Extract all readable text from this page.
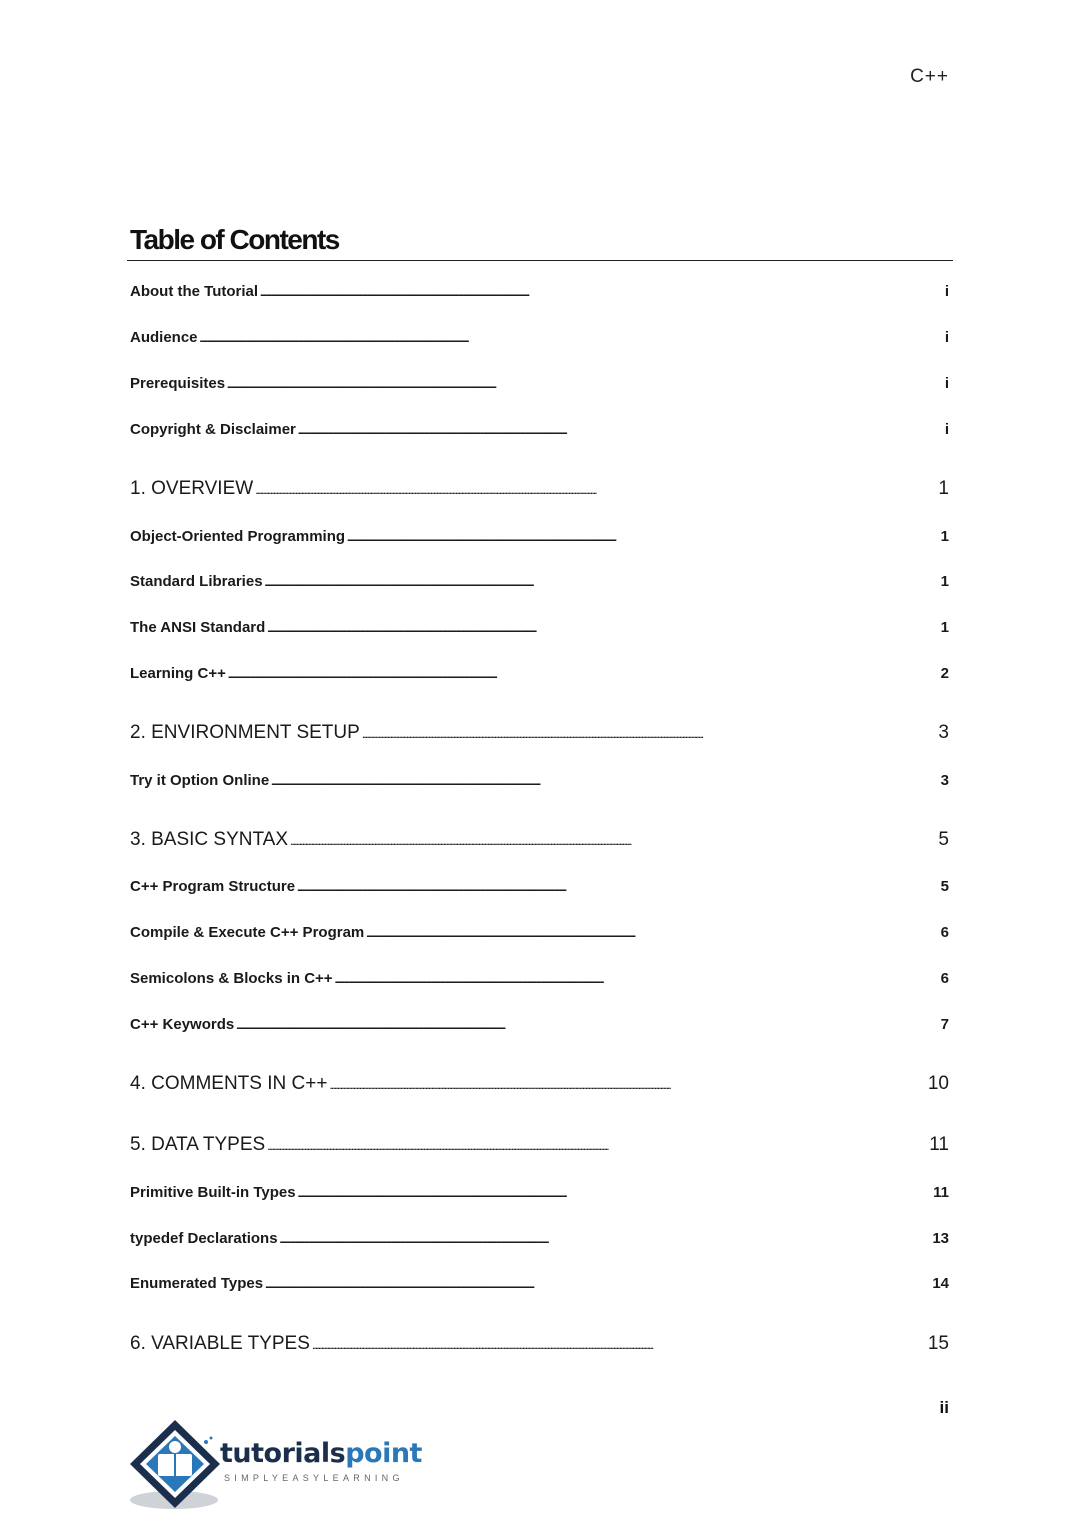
C++
Table of Contents
About the Tutorial . . .	i
Audience . . .	i
Prerequisites . . .	i
Copyright & Disclaimer . . .	i
1. OVERVIEW . . .	1
Object-Oriented Programming . . .	1
Standard Libraries . . .	1
The ANSI Standard . . .	1
Learning C++ . . .	2
2. ENVIRONMENT SETUP . . .	3
Try it Option Online . . .	3
3. BASIC SYNTAX . . .	5
C++ Program Structure . . .	5
Compile & Execute C++ Program . . .	6
Semicolons & Blocks in C++ . . .	6
C++ Keywords . . .	7
4. COMMENTS IN C++ . . .	10
5. DATA TYPES . . .	11
Primitive Built-in Types . . .	11
typedef Declarations . . .	13
Enumerated Types . . .	14
6. VARIABLE TYPES . . .	15
ii
tutorialspoint
SIMPLYEASYLEARNING
